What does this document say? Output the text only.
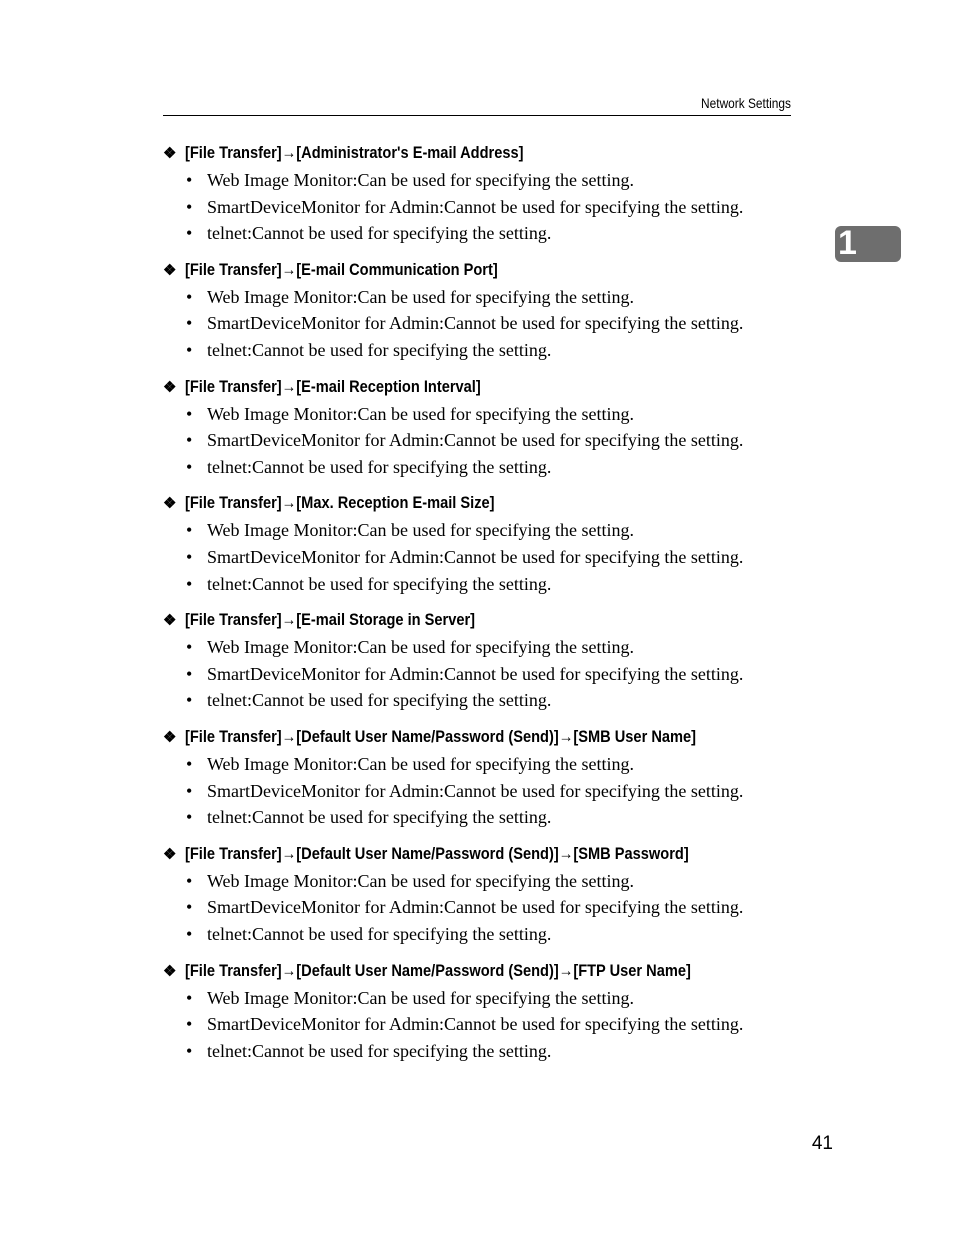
Network Settings
1
❖ [File Transfer]→[Administrator's E-mail Address]
• Web Image Monitor:Can be used for specifying the setting.
• SmartDeviceMonitor for Admin:Cannot be used for specifying the setting.
• telnet:Cannot be used for specifying the setting.
❖ [File Transfer]→[E-mail Communication Port]
• Web Image Monitor:Can be used for specifying the setting.
• SmartDeviceMonitor for Admin:Cannot be used for specifying the setting.
• telnet:Cannot be used for specifying the setting.
❖ [File Transfer]→[E-mail Reception Interval]
• Web Image Monitor:Can be used for specifying the setting.
• SmartDeviceMonitor for Admin:Cannot be used for specifying the setting.
• telnet:Cannot be used for specifying the setting.
❖ [File Transfer]→[Max. Reception E-mail Size]
• Web Image Monitor:Can be used for specifying the setting.
• SmartDeviceMonitor for Admin:Cannot be used for specifying the setting.
• telnet:Cannot be used for specifying the setting.
❖ [File Transfer]→[E-mail Storage in Server]
• Web Image Monitor:Can be used for specifying the setting.
• SmartDeviceMonitor for Admin:Cannot be used for specifying the setting.
• telnet:Cannot be used for specifying the setting.
❖ [File Transfer]→[Default User Name/Password (Send)]→[SMB User Name]
• Web Image Monitor:Can be used for specifying the setting.
• SmartDeviceMonitor for Admin:Cannot be used for specifying the setting.
• telnet:Cannot be used for specifying the setting.
❖ [File Transfer]→[Default User Name/Password (Send)]→[SMB Password]
• Web Image Monitor:Can be used for specifying the setting.
• SmartDeviceMonitor for Admin:Cannot be used for specifying the setting.
• telnet:Cannot be used for specifying the setting.
❖ [File Transfer]→[Default User Name/Password (Send)]→[FTP User Name]
• Web Image Monitor:Can be used for specifying the setting.
• SmartDeviceMonitor for Admin:Cannot be used for specifying the setting.
• telnet:Cannot be used for specifying the setting.
41
